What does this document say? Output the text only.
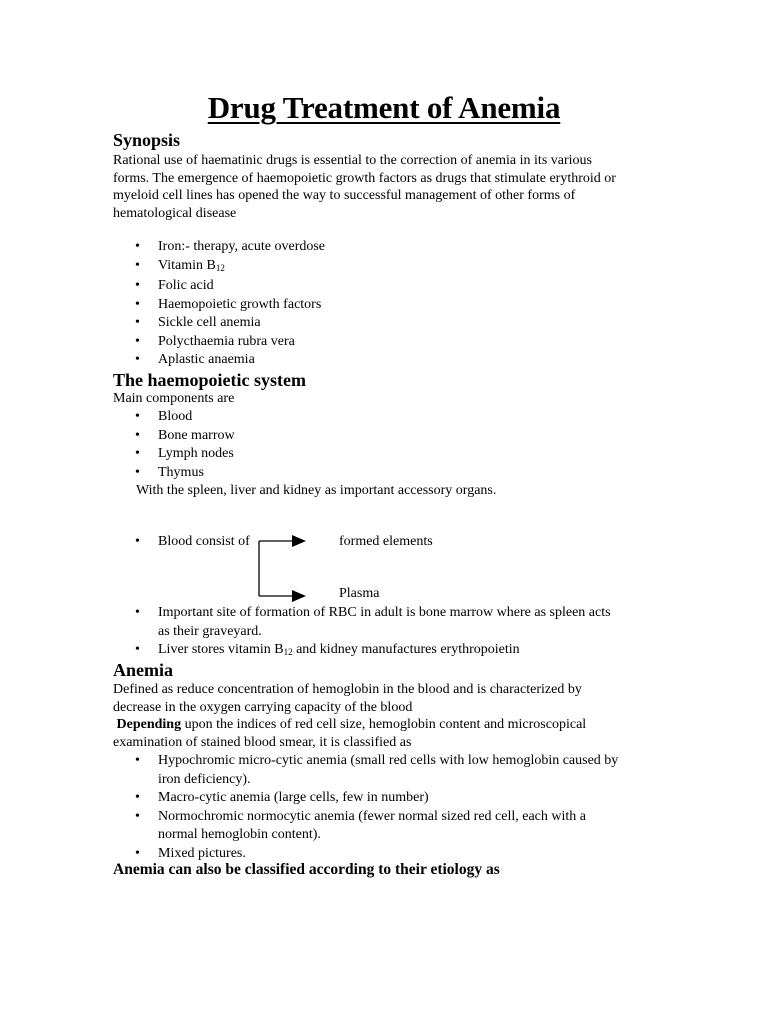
Drug Treatment of Anemia
Synopsis
Rational use of haematinic drugs is essential to the correction of anemia in its various
forms. The emergence of haemopoietic growth factors as drugs that stimulate erythroid or
myeloid cell lines has opened the way to successful management of other forms of
hematological disease
• Iron:- therapy, acute overdose
• Vitamin $B_{12}$
• Folic acid
• Haemopoietic growth factors
• Sickle cell anemia
• Polycthaemia rubra vera
• Aplastic anaemia
The haemopoietic system
Main components are
• Blood
• Bone marrow
• Lymph nodes
• Thymus
With the spleen, liver and kidney as important accessory organs.
• Blood consist of	formed elements
Plasma
• Important site of formation of RBC in adult is bone marrow where as spleen acts
as their graveyard.
• Liver stores vitamin $B_{12}$ and kidney manufactures erythropoietin
Anemia
Defined as reduce concentration of hemoglobin in the blood and is characterized by
decrease in the oxygen carrying capacity of the blood
Depending upon the indices of red cell size, hemoglobin content and microscopical
examination of stained blood smear, it is classified as
• Hypochromic micro-cytic anemia (small red cells with low hemoglobin caused by
iron deficiency).
• Macro-cytic anemia (large cells, few in number)
• Normochromic normocytic anemia (fewer normal sized red cell, each with a
normal hemoglobin content).
• Mixed pictures.
Anemia can also be classified according to their etiology as
